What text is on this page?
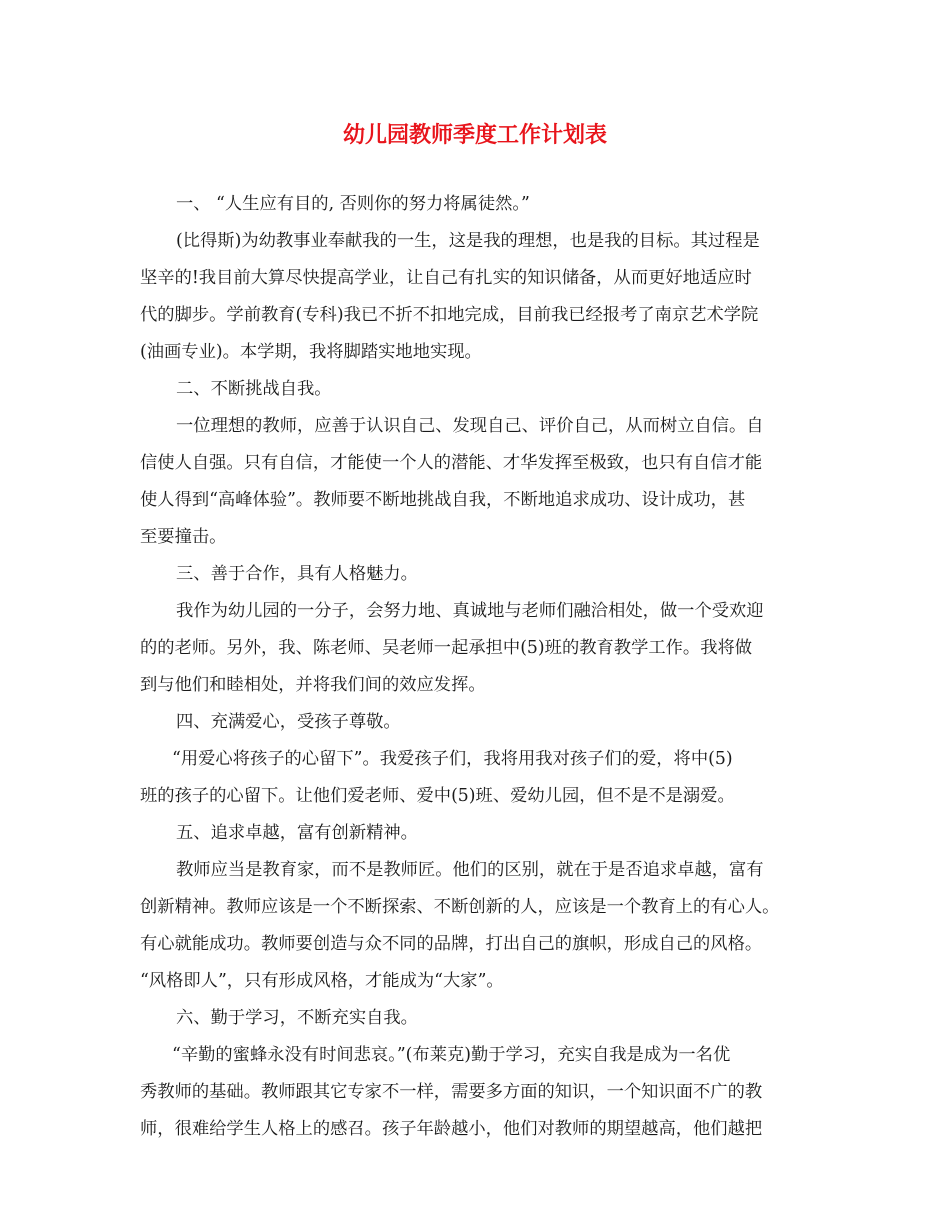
幼儿园教师季度工作计划表

一、 “人生应有目的, 否则你的努力将属徒然。”

(比得斯)为幼教事业奉献我的一生，这是我的理想，也是我的目标。其过程是

坚辛的!我目前大算尽快提高学业，让自己有扎实的知识储备，从而更好地适应时

代的脚步。学前教育(专科)我已不折不扣地完成，目前我已经报考了南京艺术学院

(油画专业)。本学期，我将脚踏实地地实现。

二、不断挑战自我。

一位理想的教师，应善于认识自己、发现自己、评价自己，从而树立自信。自

信使人自强。只有自信，才能使一个人的潜能、才华发挥至极致，也只有自信才能

使人得到“高峰体验”。教师要不断地挑战自我，不断地追求成功、设计成功，甚

至要撞击。

三、善于合作，具有人格魅力。

我作为幼儿园的一分子，会努力地、真诚地与老师们融洽相处，做一个受欢迎

的的老师。另外，我、陈老师、吴老师一起承担中(5)班的教育教学工作。我将做

到与他们和睦相处，并将我们间的效应发挥。

四、充满爱心，受孩子尊敬。

“用爱心将孩子的心留下”。我爱孩子们，我将用我对孩子们的爱，将中(5)

班的孩子的心留下。让他们爱老师、爱中(5)班、爱幼儿园，但不是不是溺爱。

五、追求卓越，富有创新精神。

教师应当是教育家，而不是教师匠。他们的区别，就在于是否追求卓越，富有

创新精神。教师应该是一个不断探索、不断创新的人，应该是一个教育上的有心人。

有心就能成功。教师要创造与众不同的品牌，打出自己的旗帜，形成自己的风格。

“风格即人”，只有形成风格，才能成为“大家”。

六、勤于学习，不断充实自我。

“辛勤的蜜蜂永没有时间悲哀。”(布莱克)勤于学习，充实自我是成为一名优

秀教师的基础。教师跟其它专家不一样，需要多方面的知识，一个知识面不广的教

师，很难给学生人格上的感召。孩子年龄越小，他们对教师的期望越高，他们越把
